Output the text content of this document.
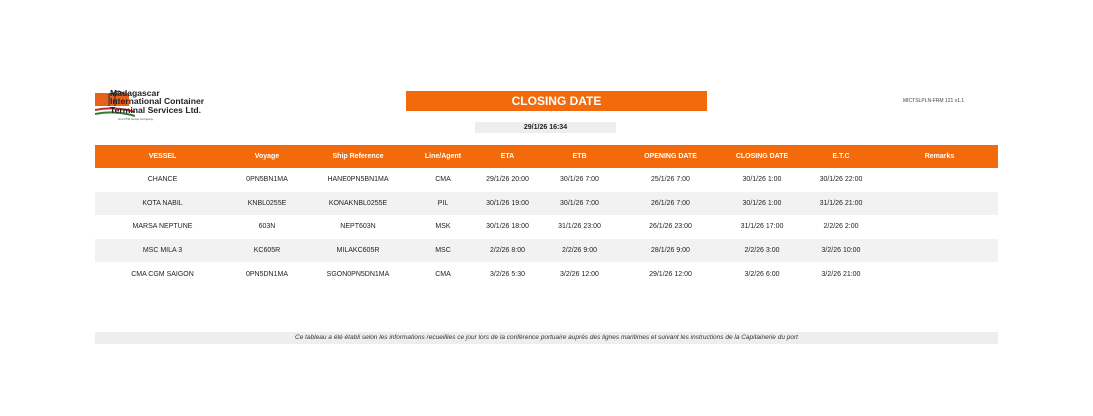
Madagascar
International Container
Terminal Services Ltd.
An ICTSI Group Company
CLOSING DATE	MICTSLPLN-FRM 121 v1.1
29/1/26 16:34
VESSEL	Voyage	Ship Reference	Line/Agent	ETA	ETB	OPENING DATE	CLOSING DATE	E.T.C	Remarks
CHANCE	0PN5BN1MA	HANE0PN5BN1MA	CMA	29/1/26 20:00	30/1/26 7:00	25/1/26 7:00	30/1/26 1:00	30/1/26 22:00	
KOTA NABIL	KNBL0255E	KONAKNBL0255E	PIL	30/1/26 19:00	30/1/26 7:00	26/1/26 7:00	30/1/26 1:00	31/1/26 21:00	
MARSA NEPTUNE	603N	NEPT603N	MSK	30/1/26 18:00	31/1/26 23:00	26/1/26 23:00	31/1/26 17:00	2/2/26 2:00	
MSC MILA 3	KC605R	MILAKC605R	MSC	2/2/26 8:00	2/2/26 9:00	28/1/26 9:00	2/2/26 3:00	3/2/26 10:00	
CMA CGM SAIGON	0PN5DN1MA	SGON0PN5DN1MA	CMA	3/2/26 5:30	3/2/26 12:00	29/1/26 12:00	3/2/26 6:00	3/2/26 21:00	
Ce tableau a été établi selon les informations recueillies ce jour lors de la conférence portuaire auprès des lignes maritimes et suivant les instructions de la Capitainerie du port
